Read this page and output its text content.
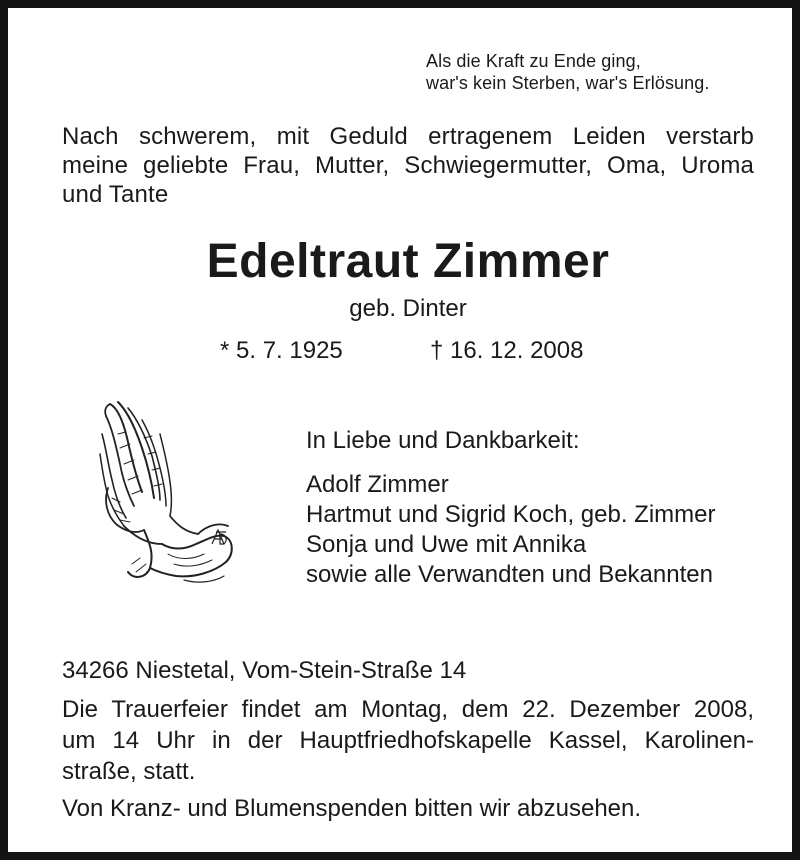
Als die Kraft zu Ende ging,
war's kein Sterben, war's Erlösung.
Nach schwerem, mit Geduld ertragenem Leiden verstarb
meine geliebte Frau, Mutter, Schwiegermutter, Oma, Uroma
und Tante
Edeltraut Zimmer
geb. Dinter
* 5. 7. 1925	† 16. 12. 2008
In Liebe und Dankbarkeit:
Adolf Zimmer
Hartmut und Sigrid Koch, geb. Zimmer
Sonja und Uwe mit Annika
sowie alle Verwandten und Bekannten
34266 Niestetal, Vom-Stein-Straße 14
Die Trauerfeier findet am Montag, dem 22. Dezember 2008,
um 14 Uhr in der Hauptfriedhofskapelle Kassel, Karolinen-
straße, statt.
Von Kranz- und Blumenspenden bitten wir abzusehen.
